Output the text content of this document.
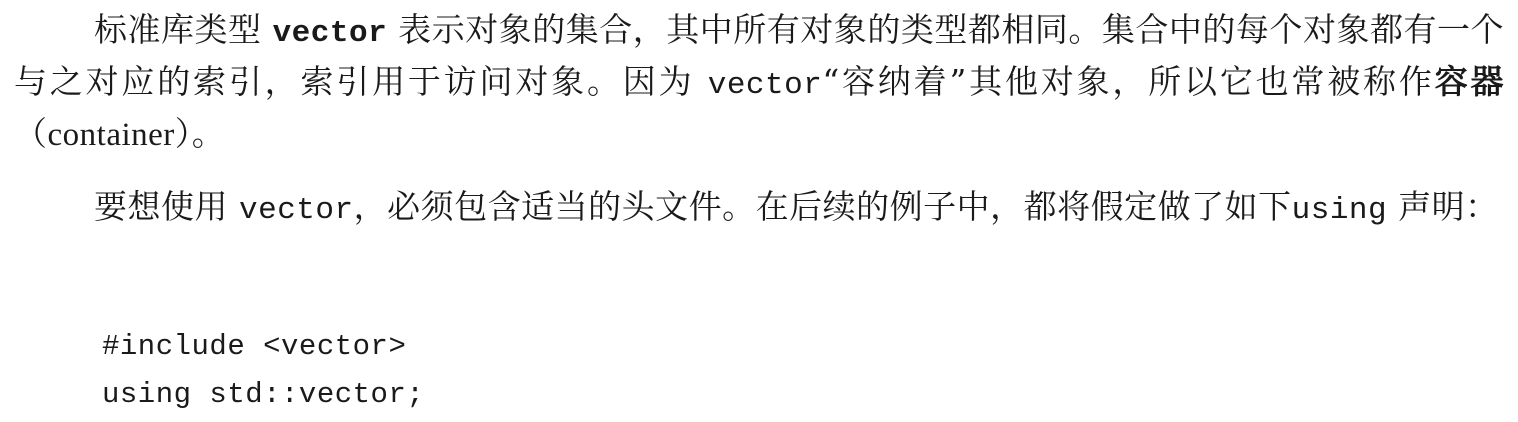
标准库类型 vector 表示对象的集合，其中所有对象的类型都相同。集合中的每个对象都有一个与之对应的索引，索引用于访问对象。因为 vector“容纳着”其他对象，所以它也常被称作容器（container）。

要想使用 vector，必须包含适当的头文件。在后续的例子中，都将假定做了如下using 声明：

#include <vector>
using std::vector;
